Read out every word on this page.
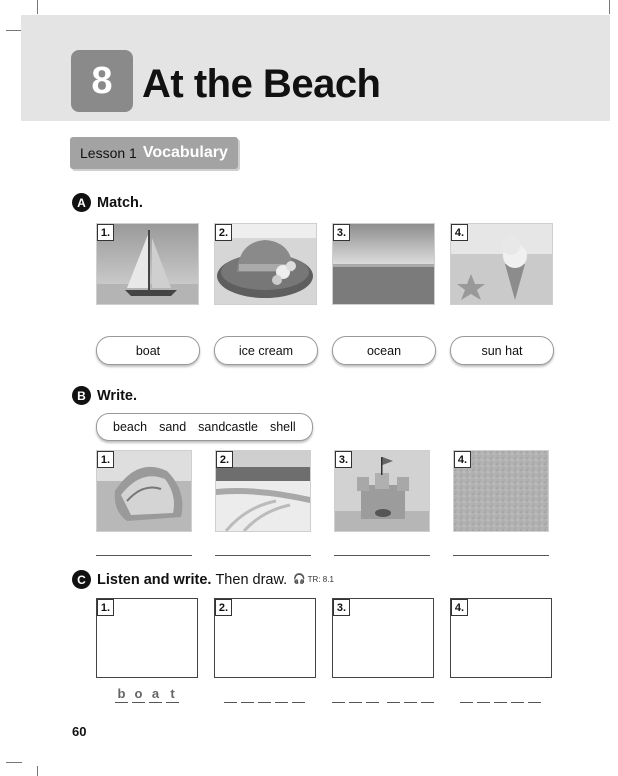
8 At the Beach
Lesson 1 Vocabulary
A Match.
1.	2.	3.	4.
boat	ice cream	ocean	sun hat
B Write.
beach sand sandcastle shell
1.	2.	3.	4.
C Listen and write. Then draw. 🎧 TR: 8.1
1.	2.	3.	4.
b o a t
60
